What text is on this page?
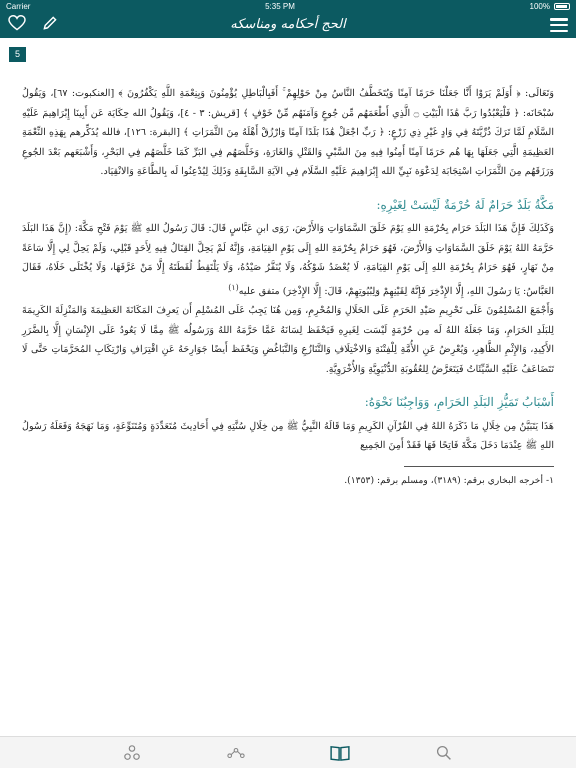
Carrier	5:35 PM	100%
الحج أحكامه ومناسكه
5

وَتَعَالَى: ﴿ أَوَلَمْ يَرَوْا أَنَّا جَعَلْنَا حَرَمًا آمِنًا وَيُتَخَطَّفُ النَّاسُ مِنْ حَوْلِهِمْ ۚ أَفَبِالْبَاطِلِ يُؤْمِنُونَ وَبِنِعْمَةِ اللَّهِ يَكْفُرُونَ ﴾ [العنكبوت: ٦٧]، وَيَقُولُ سُبْحَانَه: ﴿ فَلْيَعْبُدُوا رَبَّ هَٰذَا الْبَيْتِ ۝ الَّذِي أَطْعَمَهُم مِّن جُوعٍ وَآمَنَهُم مِّنْ خَوْفٍ ﴾ [قريش: ٣ - ٤]، وَيَقُولُ الله حِكَايَة عَن أَبِينَا إِبْرَاهِيمَ عَلَيْهِ السَّلَامِ لَمَّا تَرَكَ ذُرِّيَّتَهُ فِي وَادٍ غَيْرِ ذِي زَرْعٍ: ﴿ رَبِّ اجْعَلْ هَٰذَا بَلَدًا آمِنًا وَارْزُقْ أَهْلَهُ مِنَ الثَّمَرَاتِ ﴾ [البقرة: ١٢٦]، فالله يُذَكِّرهم بِهَذِهِ النِّعْمَةِ العَظِيمَةِ الَّتِي جَعَلَهَا بِهَا هُم حَرَمًا آمِنًا أَمِنُوا فِيهِ مِنَ السَّبْيِ وَالقَتْلِ وَالغَارَةِ، وَخَلَّصَهُم فِي البَرِّ كَمَا خَلَّصَهُم فِي البَحْرِ، وَأَشْبَعَهم بَعْدَ الجُوعِ وَرَزَقَهُم مِنَ الثَّمَرَاتِ اسْتِجَابَة لِدَعْوَة نَبِيِّ الله إِبْرَاهِيمَ عَلَيْهِ السَّلَام فِي الآيَةِ السَّابِقَةِ وَذَلِكَ لِيُدْعِنُوا لَه بِالطَّاعَةِ وَالانْقِيَاد.

مَكَّةُ بَلَدٌ حَرَامٌ لَهُ حُرْمَةٌ لَيْسَتْ لِغَيْرِهِ:

وَكَذَلِكَ فَإِنَّ هَذَا البَلَدَ حَرَام بِحُرْمَةِ اللهِ يَوْمَ خَلَقَ السَّمَاوَاتِ وَالأَرْضَ، رَوَى ابنِ عَبَّاسٍ قَالَ: قَالَ رَسُولُ اللهِ ﷺ يَوْمَ فَتْحِ مَكَّةَ: (إِنَّ هَذَا البَلَدَ حَرَّمَهُ اللهُ يَوْمَ خَلَقَ السَّمَاوَاتِ وَالأَرْضَ، فَهُوَ حَرَامٌ بِحُرْمَةِ اللهِ إِلَى يَوْمِ القِيَامَةِ، وَإِنَّهُ لَمْ يَحِلَّ القِتَالُ فِيهِ لِأَحَدٍ قَبْلِي، وَلَمْ يَحِلَّ لِي إِلَّا سَاعَةً مِنْ نَهَارٍ، فَهُوَ حَرَامٌ بِحُرْمَةِ اللهِ إِلَى يَوْمِ القِيَامَةِ، لَا يُعْضَدُ شَوْكُهُ، وَلَا يُنَفَّرُ صَيْدُهُ، وَلَا يَلْتَقِطُ لُقَطَتَهُ إِلَّا مَنْ عَرَّفَهَا، وَلَا يُخْتَلَى خَلَاهُ، فَقَالَ العَبَّاسُ: يَا رَسُولَ اللهِ، إِلَّا الإِذْخِرَ فَإِنَّهُ لِقَيْنِهِمْ وَلِبُيُوتِهِمْ، قَالَ: إِلَّا الإِذْخِرَ) متفق عليه$^{(١)}$

وَأَجْمَعَ المُسْلِمُونَ عَلَى تَحْرِيمِ صَيْدِ الحَرَمِ عَلَى الحَلَالِ وَالمُحْرِمِ، وَمِن هُنَا يَجِبُ عَلَى المُسْلِمِ أَن يَعرِفَ المَكَانَةَ العَظِيمَةَ وَالمَنْزِلَةَ الكَرِيمَةَ لِلبَلَدِ الحَرَامِ، وَمَا جَعَلَهُ اللهُ لَه مِن حُرْمَةٍ لَيْسَت لِغَيرِهِ فَيَحْفَظ لِسَانَهُ عَمَّا حَرَّمَهُ اللهُ وَرَسُولُه ﷺ مِمَّا لَا يَعُودُ عَلَى الإِنْسَانِ إِلَّا بِالضَّرَرِ الأَكِيدِ، وَالإِثْمِ الظَّاهِرِ، وَيُعْرِضُ عَنِ الأُمَّةِ لِلْفِتْنَةِ وَالاخْتِلَافِ وَالتَّنَازُعِ وَالتَّبَاغُضِ وَيَحْفَظ أَيضًا جَوَارِحَهُ عَنِ اقْتِرَافِ وَارْتِكَابِ المُحَرَّمَاتِ حَتَّى لَا تَتَضَاعَفُ عَلَيْهِ السَّيِّئَاتُ فَيَتَعَرَّضُ لِلعُقُوبَةِ الدُّنْيَوِيَّةِ وَالأُخْرَوِيَّةِ.

أَسْبَابُ تَمَيُّزِ البَلَدِ الحَرَامِ، وَوَاجِبُنَا نَحْوَهُ:

هَذَا يَتَبَيَّنُ مِن خِلَالِ مَا ذَكَرَهُ اللهُ فِي القُرْآنِ الكَرِيمِ وَمَا قَالَهُ النَّبِيُّ ﷺ مِن خِلَالِ سُنَّتِهِ فِي أَحَادِيثَ مُتَعَدِّدَةٍ وَمُتَنَوِّعَةٍ، وَمَا نَهَجَهُ وَفَعَلَهُ رَسُولُ اللهِ ﷺ عِنْدَمَا دَخَلَ مَكَّةَ فَاتِحًا فَهَا فَقَدْ أَمِنَ الجَمِيع

١- أخرجه البخاري برقم: (٣١٨٩)، ومسلم برقم: (١٣٥٣).
